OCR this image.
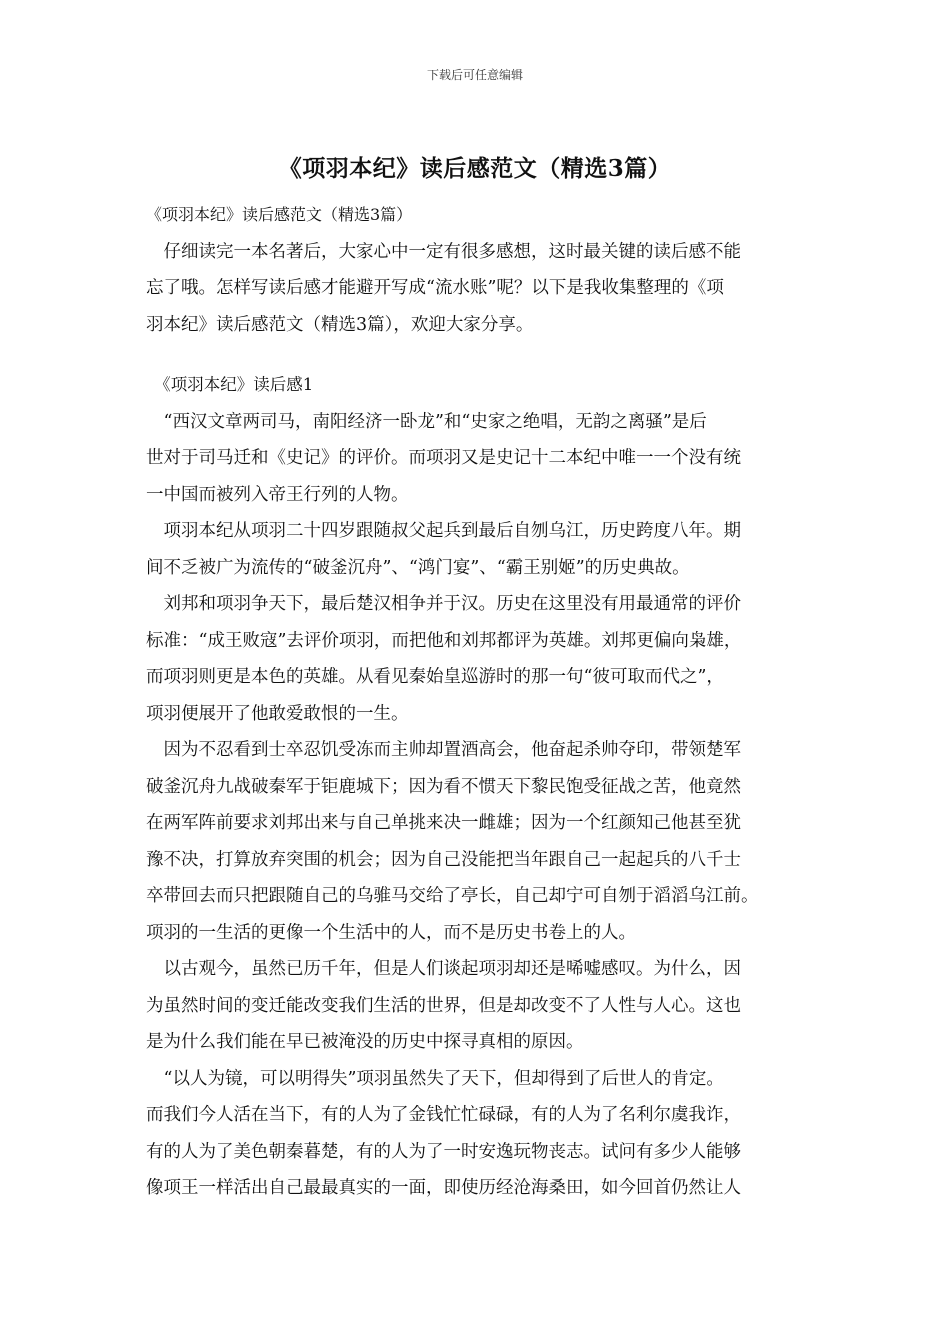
下载后可任意编辑
《项羽本纪》读后感范文（精选3篇）
《项羽本纪》读后感范文（精选3篇）
　仔细读完一本名著后，大家心中一定有很多感想，这时最关键的读后感不能
忘了哦。怎样写读后感才能避开写成“流水账”呢？以下是我收集整理的《项
羽本纪》读后感范文（精选3篇），欢迎大家分享。
　《项羽本纪》读后感1
　“西汉文章两司马，南阳经济一卧龙”和“史家之绝唱，无韵之离骚”是后
世对于司马迁和《史记》的评价。而项羽又是史记十二本纪中唯一一个没有统
一中国而被列入帝王行列的人物。
　项羽本纪从项羽二十四岁跟随叔父起兵到最后自刎乌江，历史跨度八年。期
间不乏被广为流传的“破釜沉舟”、“鸿门宴”、“霸王别姬”的历史典故。
　刘邦和项羽争天下，最后楚汉相争并于汉。历史在这里没有用最通常的评价
标准：“成王败寇”去评价项羽，而把他和刘邦都评为英雄。刘邦更偏向枭雄，
而项羽则更是本色的英雄。从看见秦始皇巡游时的那一句“彼可取而代之”，
项羽便展开了他敢爱敢恨的一生。
　因为不忍看到士卒忍饥受冻而主帅却置酒高会，他奋起杀帅夺印，带领楚军
破釜沉舟九战破秦军于钜鹿城下；因为看不惯天下黎民饱受征战之苦，他竟然
在两军阵前要求刘邦出来与自己单挑来决一雌雄；因为一个红颜知己他甚至犹
豫不决，打算放弃突围的机会；因为自己没能把当年跟自己一起起兵的八千士
卒带回去而只把跟随自己的乌骓马交给了亭长，自己却宁可自刎于滔滔乌江前。
项羽的一生活的更像一个生活中的人，而不是历史书卷上的人。
　以古观今，虽然已历千年，但是人们谈起项羽却还是唏嘘感叹。为什么，因
为虽然时间的变迁能改变我们生活的世界，但是却改变不了人性与人心。这也
是为什么我们能在早已被淹没的历史中探寻真相的原因。
　“以人为镜，可以明得失”项羽虽然失了天下，但却得到了后世人的肯定。
而我们今人活在当下，有的人为了金钱忙忙碌碌，有的人为了名利尔虞我诈，
有的人为了美色朝秦暮楚，有的人为了一时安逸玩物丧志。试问有多少人能够
像项王一样活出自己最最真实的一面，即使历经沧海桑田，如今回首仍然让人
